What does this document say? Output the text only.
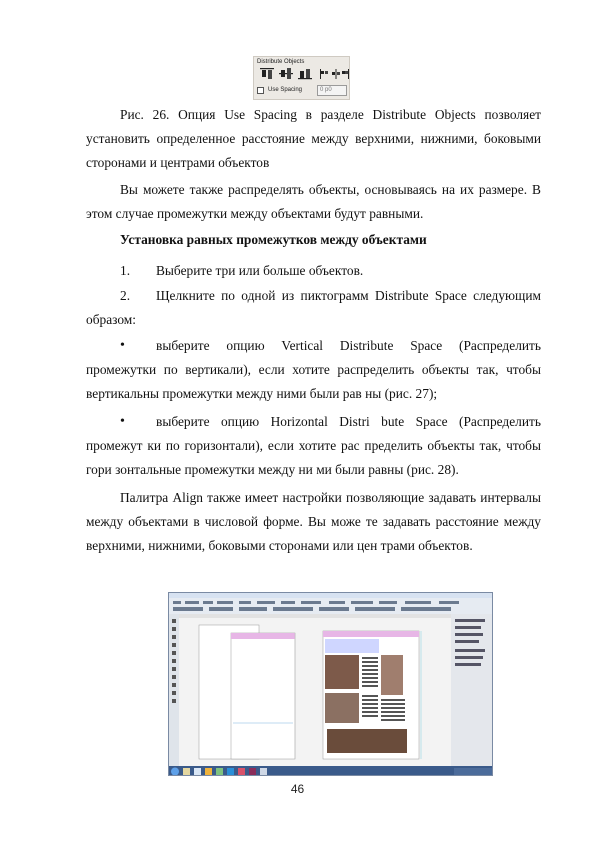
Distribute Objects
Use Spacing	0 p0

Рис. 26. Опция Use Spacing в разделе Distribute Objects позволяет установить определенное расстояние между верхними, нижними, боковыми сторонами и центрами объектов

Вы можете также распределять объекты, основываясь на их размере. В этом случае промежутки между объектами будут равными.

Установка равных промежутков между объектами

1. Выберите три или больше объектов.
2. Щелкните по одной из пиктограмм Distribute Space следующим

образом:

• выберите опцию Vertical Distribute Space (Распределить

промежутки по вертикали), если хотите распределить объекты так, чтобы вертикальны промежутки между ними были рав ны (рис. 27);

• выберите опцию Horizontal Distri bute Space (Распределить

промежут ки по горизонтали), если хотите рас пределить объекты так, чтобы гори зонтальные промежутки между ни ми были равны (рис. 28).

Палитра Align также имеет настройки позволяющие задавать интервалы между объектами в числовой форме. Вы може те задавать расстояние между верхними, нижними, боковыми сторонами или цен трами объектов.

46
